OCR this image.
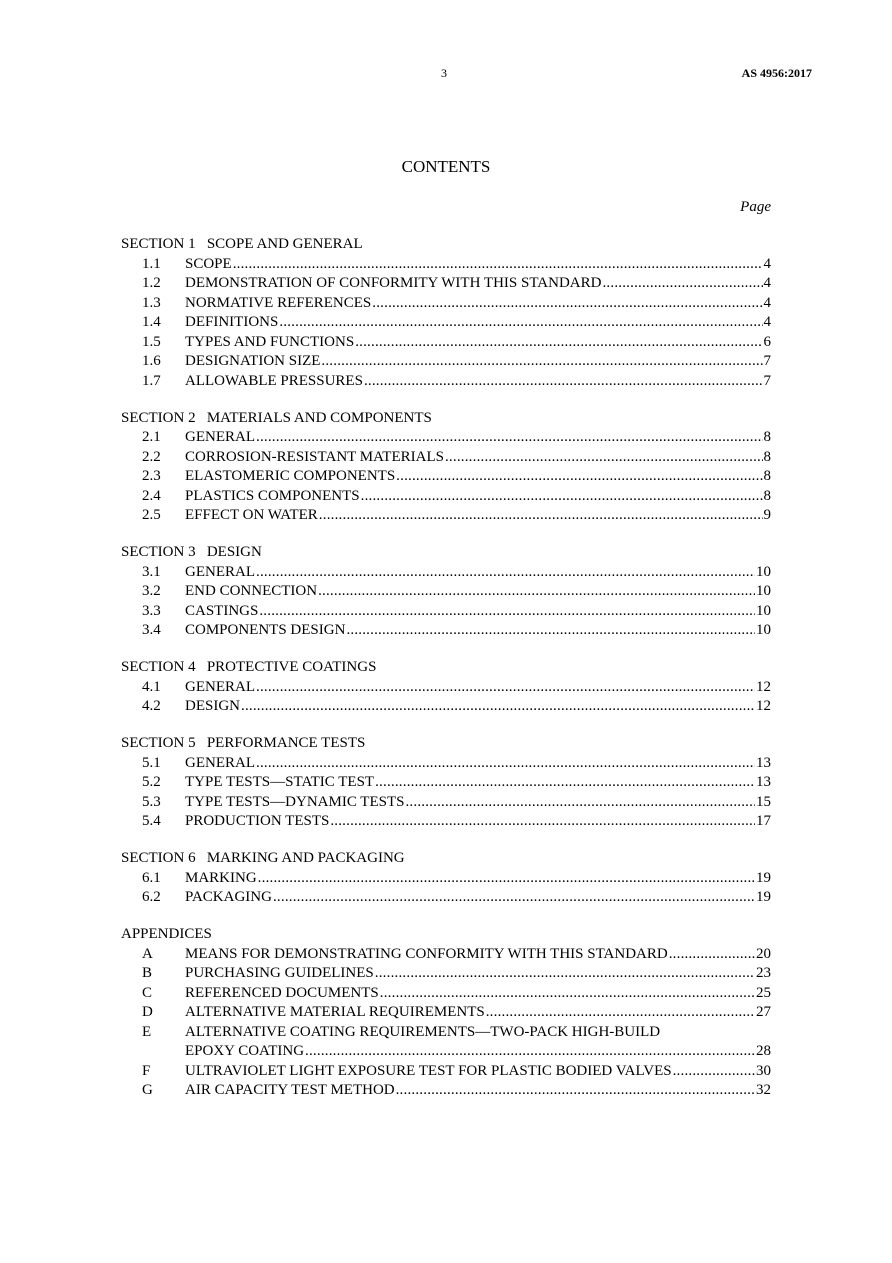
3	AS 4956:2017
CONTENTS
Page
SECTION 1   SCOPE AND GENERAL
1.1	SCOPE .....	4
1.2	DEMONSTRATION OF CONFORMITY WITH THIS STANDARD .....	4
1.3	NORMATIVE REFERENCES .....	4
1.4	DEFINITIONS .....	4
1.5	TYPES AND FUNCTIONS .....	6
1.6	DESIGNATION SIZE .....	7
1.7	ALLOWABLE PRESSURES .....	7
SECTION 2   MATERIALS AND COMPONENTS
2.1	GENERAL .....	8
2.2	CORROSION-RESISTANT MATERIALS .....	8
2.3	ELASTOMERIC COMPONENTS .....	8
2.4	PLASTICS COMPONENTS .....	8
2.5	EFFECT ON WATER .....	9
SECTION 3   DESIGN
3.1	GENERAL .....	10
3.2	END CONNECTION .....	10
3.3	CASTINGS .....	10
3.4	COMPONENTS DESIGN .....	10
SECTION 4   PROTECTIVE COATINGS
4.1	GENERAL .....	12
4.2	DESIGN .....	12
SECTION 5   PERFORMANCE TESTS
5.1	GENERAL .....	13
5.2	TYPE TESTS—STATIC TEST .....	13
5.3	TYPE TESTS—DYNAMIC TESTS .....	15
5.4	PRODUCTION TESTS .....	17
SECTION 6   MARKING AND PACKAGING
6.1	MARKING .....	19
6.2	PACKAGING .....	19
APPENDICES
A	MEANS FOR DEMONSTRATING CONFORMITY WITH THIS STANDARD .....	20
B	PURCHASING GUIDELINES .....	23
C	REFERENCED DOCUMENTS .....	25
D	ALTERNATIVE MATERIAL REQUIREMENTS .....	27
E	ALTERNATIVE COATING REQUIREMENTS—TWO-PACK HIGH-BUILD
EPOXY COATING .....	28
F	ULTRAVIOLET LIGHT EXPOSURE TEST FOR PLASTIC BODIED VALVES .....	30
G	AIR CAPACITY TEST METHOD .....	32
